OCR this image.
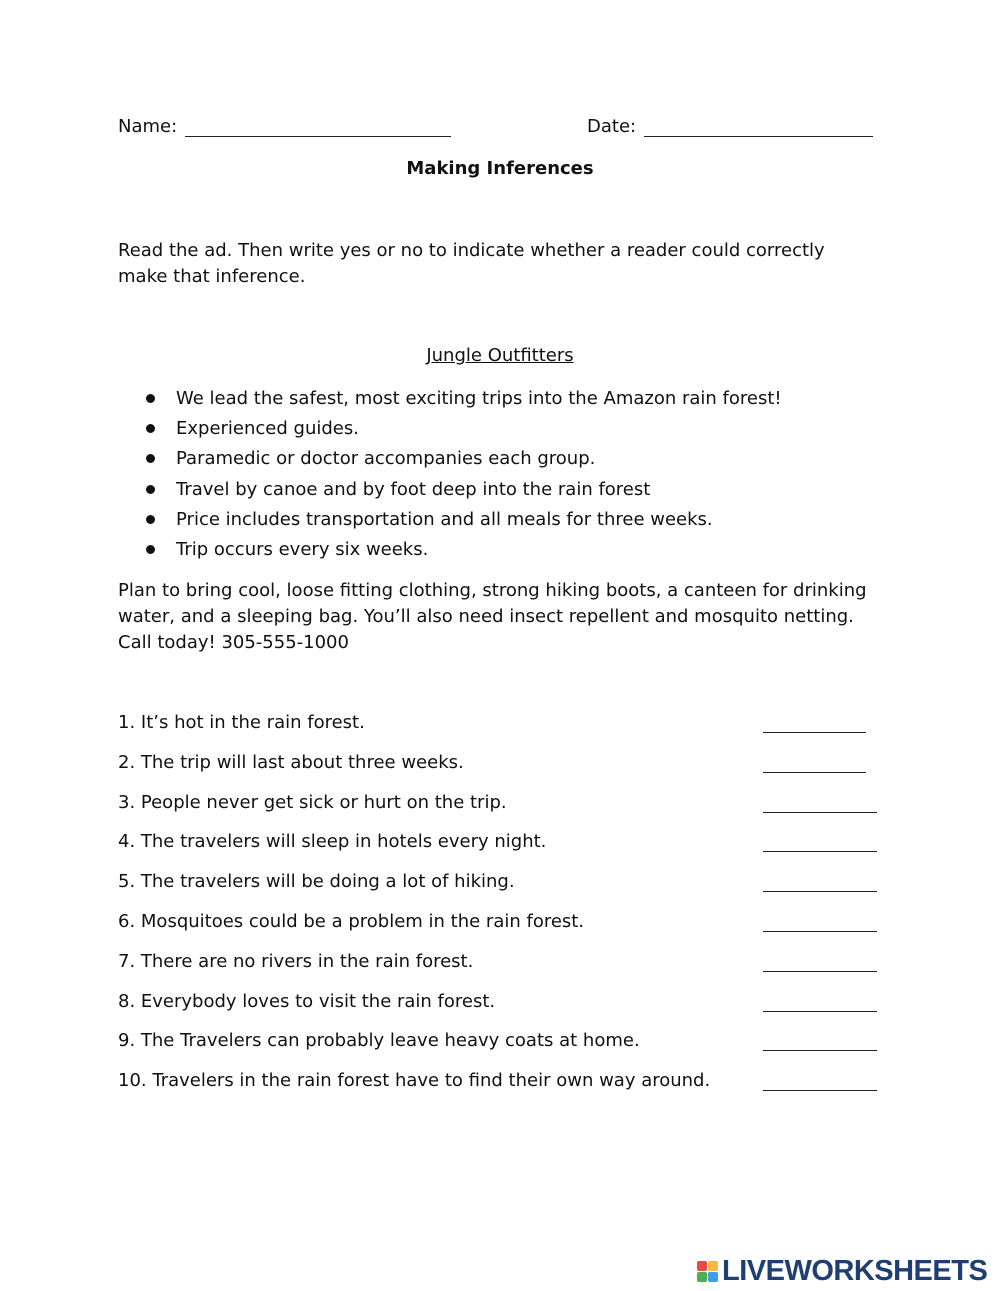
Name:	Date:
Making Inferences
Read the ad. Then write yes or no to indicate whether a reader could correctly make that inference.
Jungle Outfitters
We lead the safest, most exciting trips into the Amazon rain forest!
Experienced guides.
Paramedic or doctor accompanies each group.
Travel by canoe and by foot deep into the rain forest
Price includes transportation and all meals for three weeks.
Trip occurs every six weeks.
Plan to bring cool, loose fitting clothing, strong hiking boots, a canteen for drinking water, and a sleeping bag. You’ll also need insect repellent and mosquito netting. Call today! 305-555-1000
1. It’s hot in the rain forest.
2. The trip will last about three weeks.
3. People never get sick or hurt on the trip.
4. The travelers will sleep in hotels every night.
5. The travelers will be doing a lot of hiking.
6. Mosquitoes could be a problem in the rain forest.
7. There are no rivers in the rain forest.
8. Everybody loves to visit the rain forest.
9. The Travelers can probably leave heavy coats at home.
10. Travelers in the rain forest have to find their own way around.
LIVEWORKSHEETS
